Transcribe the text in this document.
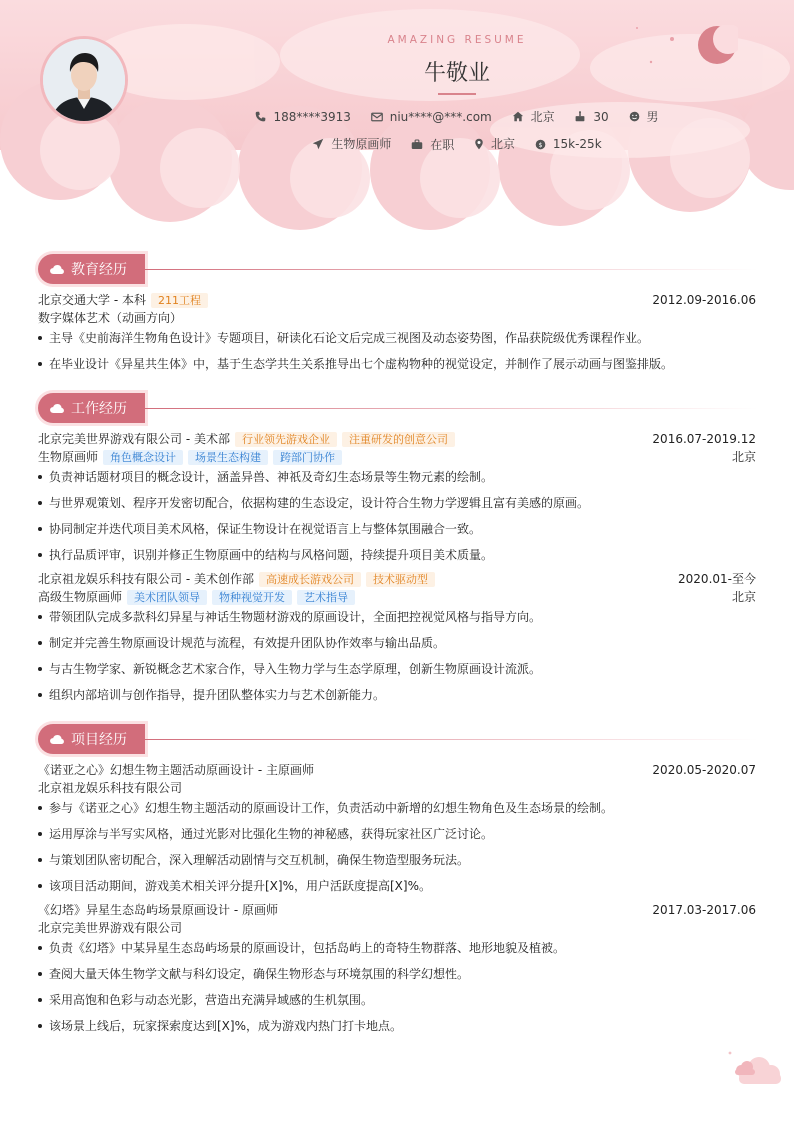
AMAZING RESUME
牛敬业
188****3913
	niu****@***.com
	北京
	30
	男
生物原画师
	在职
	北京
	$ 15k-25k
教育经历
北京交通大学 - 本科 211工程	2012.09-2016.06
数字媒体艺术（动画方向）
主导《史前海洋生物角色设计》专题项目，研读化石论文后完成三视图及动态姿势图，作品获院级优秀课程作业。
在毕业设计《异星共生体》中，基于生态学共生关系推导出七个虚构物种的视觉设定，并制作了展示动画与图鉴排版。
工作经历
北京完美世界游戏有限公司 - 美术部 行业领先游戏企业 注重研发的创意公司	2016.07-2019.12
生物原画师 角色概念设计 场景生态构建 跨部门协作	北京
负责神话题材项目的概念设计，涵盖异兽、神祇及奇幻生态场景等生物元素的绘制。
与世界观策划、程序开发密切配合，依据构建的生态设定，设计符合生物力学逻辑且富有美感的原画。
协同制定并迭代项目美术风格，保证生物设计在视觉语言上与整体氛围融合一致。
执行品质评审，识别并修正生物原画中的结构与风格问题，持续提升项目美术质量。
北京祖龙娱乐科技有限公司 - 美术创作部 高速成长游戏公司 技术驱动型	2020.01-至今
高级生物原画师 美术团队领导 物种视觉开发 艺术指导	北京
带领团队完成多款科幻异星与神话生物题材游戏的原画设计，全面把控视觉风格与指导方向。
制定并完善生物原画设计规范与流程，有效提升团队协作效率与输出品质。
与古生物学家、新锐概念艺术家合作，导入生物力学与生态学原理，创新生物原画设计流派。
组织内部培训与创作指导，提升团队整体实力与艺术创新能力。
项目经历
《诺亚之心》幻想生物主题活动原画设计 - 主原画师	2020.05-2020.07
北京祖龙娱乐科技有限公司
参与《诺亚之心》幻想生物主题活动的原画设计工作，负责活动中新增的幻想生物角色及生态场景的绘制。
运用厚涂与半写实风格，通过光影对比强化生物的神秘感，获得玩家社区广泛讨论。
与策划团队密切配合，深入理解活动剧情与交互机制，确保生物造型服务玩法。
该项目活动期间，游戏美术相关评分提升[X]%，用户活跃度提高[X]%。
《幻塔》异星生态岛屿场景原画设计 - 原画师	2017.03-2017.06
北京完美世界游戏有限公司
负责《幻塔》中某异星生态岛屿场景的原画设计，包括岛屿上的奇特生物群落、地形地貌及植被。
查阅大量天体生物学文献与科幻设定，确保生物形态与环境氛围的科学幻想性。
采用高饱和色彩与动态光影，营造出充满异域感的生机氛围。
该场景上线后，玩家探索度达到[X]%，成为游戏内热门打卡地点。
